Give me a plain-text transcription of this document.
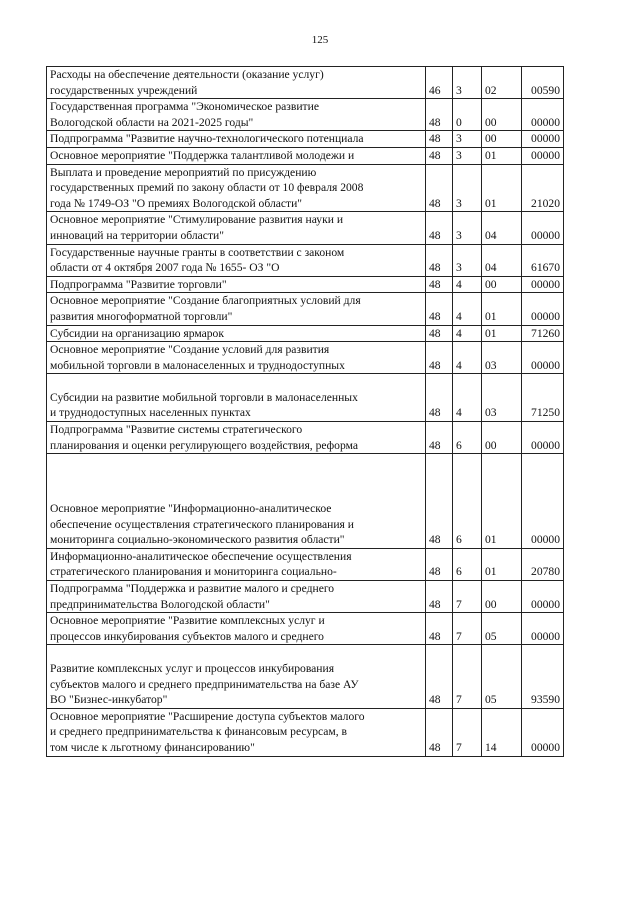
125
Расходы на обеспечение деятельности (оказание услуг)
государственных учреждений	46	3	02	00590

Государственная программа "Экономическое развитие
Вологодской области на 2021-2025 годы"	48	0	00	00000

Подпрограмма "Развитие научно-технологического потенциала	48	3	00	00000

Основное мероприятие "Поддержка талантливой молодежи и	48	3	01	00000

Выплата и проведение мероприятий по присуждению
государственных премий по закону области от 10 февраля 2008
года № 1749-ОЗ "О премиях Вологодской области"	48	3	01	21020

Основное мероприятие "Стимулирование развития науки и
инноваций на территории области"	48	3	04	00000

Государственные научные гранты в соответствии с законом
области от 4 октября 2007 года № 1655- ОЗ "О	48	3	04	61670

Подпрограмма "Развитие торговли"	48	4	00	00000

Основное мероприятие "Создание благоприятных условий для
развития многоформатной торговли"	48	4	01	00000

Субсидии на организацию ярмарок	48	4	01	71260

Основное мероприятие "Создание условий для развития
мобильной торговли в малонаселенных и труднодоступных	48	4	03	00000

Субсидии на развитие мобильной торговли в малонаселенных
и труднодоступных населенных пунктах	48	4	03	71250

Подпрограмма "Развитие системы стратегического
планирования и оценки регулирующего воздействия, реформа	48	6	00	00000

Основное мероприятие "Информационно-аналитическое
обеспечение осуществления стратегического планирования и
мониторинга социально-экономического развития области"	48	6	01	00000

Информационно-аналитическое обеспечение осуществления
стратегического планирования и мониторинга социально-	48	6	01	20780

Подпрограмма "Поддержка и развитие малого и среднего
предпринимательства Вологодской области"	48	7	00	00000

Основное мероприятие "Развитие комплексных услуг и
процессов инкубирования субъектов малого и среднего	48	7	05	00000

Развитие комплексных услуг и процессов инкубирования
субъектов малого и среднего предпринимательства на базе АУ
ВО "Бизнес-инкубатор"	48	7	05	93590

Основное мероприятие "Расширение доступа субъектов малого
и среднего предпринимательства к финансовым ресурсам, в
том числе к льготному финансированию"	48	7	14	00000
